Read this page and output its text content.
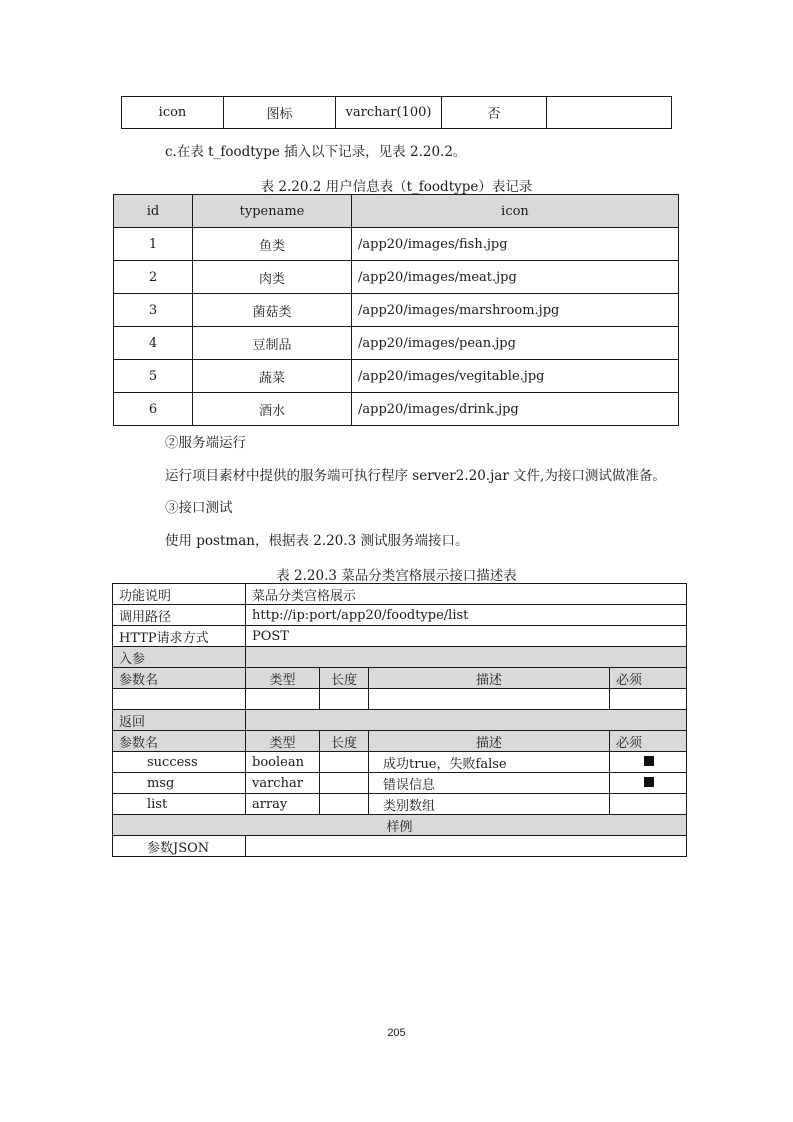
icon	图标	varchar(100)	否	
c.在表 t_foodtype 插入以下记录，见表 2.20.2。
表 2.20.2 用户信息表（t_foodtype）表记录
id	typename	icon
1	鱼类	/app20/images/fish.jpg
2	肉类	/app20/images/meat.jpg
3	菌菇类	/app20/images/marshroom.jpg
4	豆制品	/app20/images/pean.jpg
5	蔬菜	/app20/images/vegitable.jpg
6	酒水	/app20/images/drink.jpg
②服务端运行
运行项目素材中提供的服务端可执行程序 server2.20.jar 文件,为接口测试做准备。
③接口测试
使用 postman，根据表 2.20.3 测试服务端接口。
表 2.20.3 菜品分类宫格展示接口描述表
功能说明	菜品分类宫格展示			
调用路径	http://ip:port/app20/foodtype/list			
HTTP请求方式	POST			
入参				
参数名	类型	长度	描述	必须

返回				
参数名	类型	长度	描述	必须
success	boolean		成功true，失败false	
msg	varchar		错误信息	
list	array		类别数组	
样例				
参数JSON				
205
